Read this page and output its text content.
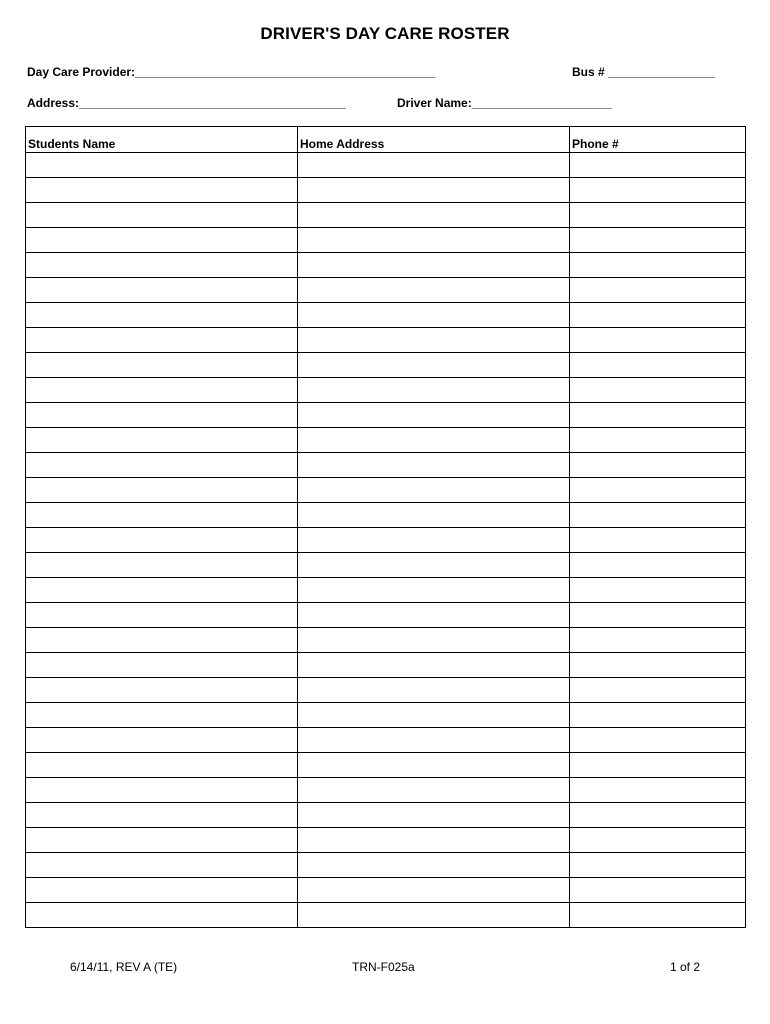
DRIVER'S DAY CARE ROSTER
Day Care Provider:_____________________________________________	Bus # ________________
Address:________________________________________	Driver Name:_____________________
Students Name	Home Address	Phone #

6/14/11, REV A (TE)	TRN-F025a	1 of 2
